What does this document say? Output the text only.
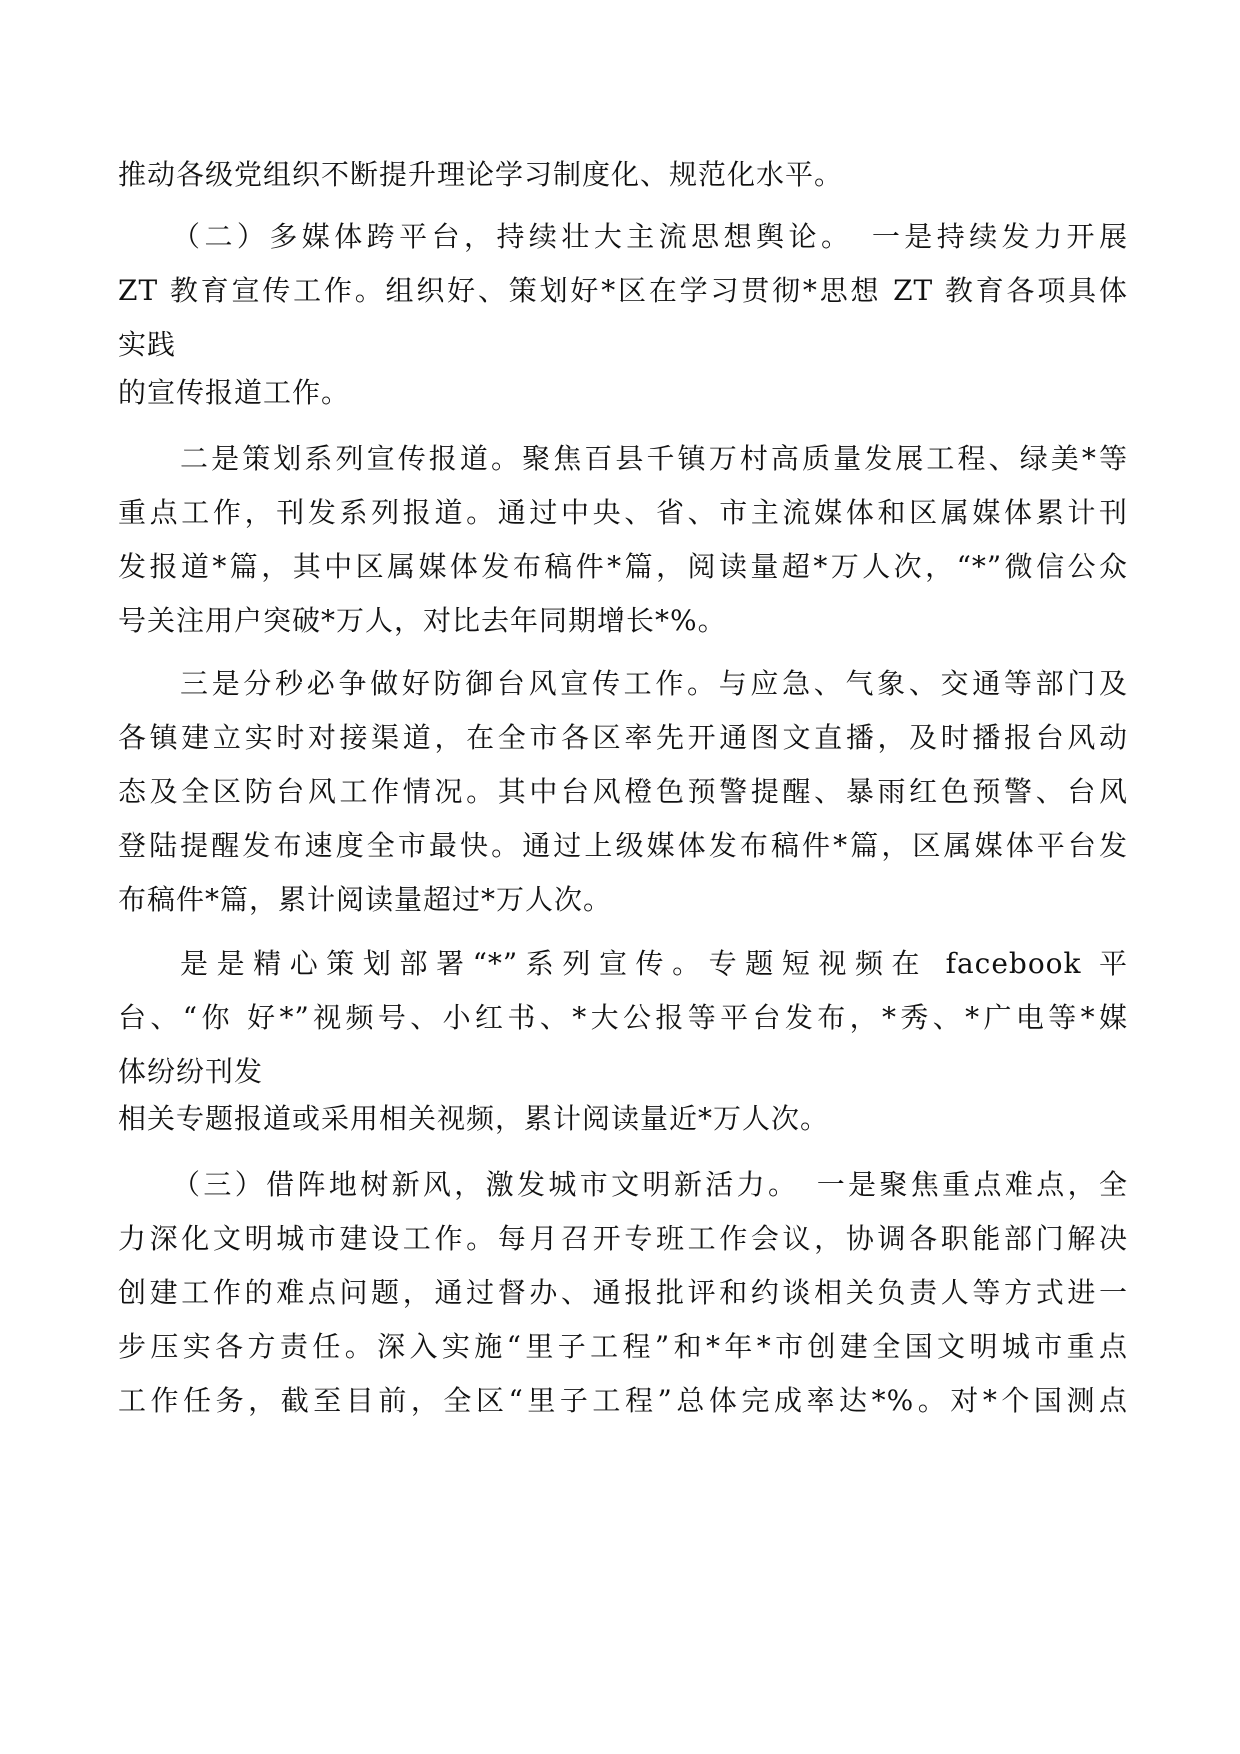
推动各级党组织不断提升理论学习制度化、规范化水平。
（二）多媒体跨平台，持续壮大主流思想舆论。　一是持续发力开展
ZT 教育宣传工作。组织好、策划好*区在学习贯彻*思想 ZT 教育各项具体
实践
的宣传报道工作。
二是策划系列宣传报道。聚焦百县千镇万村高质量发展工程、绿美*等
重点工作，刊发系列报道。通过中央、省、市主流媒体和区属媒体累计刊
发报道*篇，其中区属媒体发布稿件*篇，阅读量超*万人次，“*”微信公众
号关注用户突破*万人，对比去年同期增长*%。
三是分秒必争做好防御台风宣传工作。与应急、气象、交通等部门及
各镇建立实时对接渠道，在全市各区率先开通图文直播，及时播报台风动
态及全区防台风工作情况。其中台风橙色预警提醒、暴雨红色预警、台风
登陆提醒发布速度全市最快。通过上级媒体发布稿件*篇，区属媒体平台发
布稿件*篇，累计阅读量超过*万人次。
是是精心策划部署“*”系列宣传。专题短视频在 facebook 平
台、“你 好*”视频号、小红书、*大公报等平台发布，*秀、*广电等*媒
体纷纷刊发
相关专题报道或采用相关视频，累计阅读量近*万人次。
（三）借阵地树新风，激发城市文明新活力。　一是聚焦重点难点，全
力深化文明城市建设工作。每月召开专班工作会议，协调各职能部门解决
创建工作的难点问题，通过督办、通报批评和约谈相关负责人等方式进一
步压实各方责任。深入实施“里子工程”和*年*市创建全国文明城市重点
工作任务，截至目前，全区“里子工程”总体完成率达*%。对*个国测点
